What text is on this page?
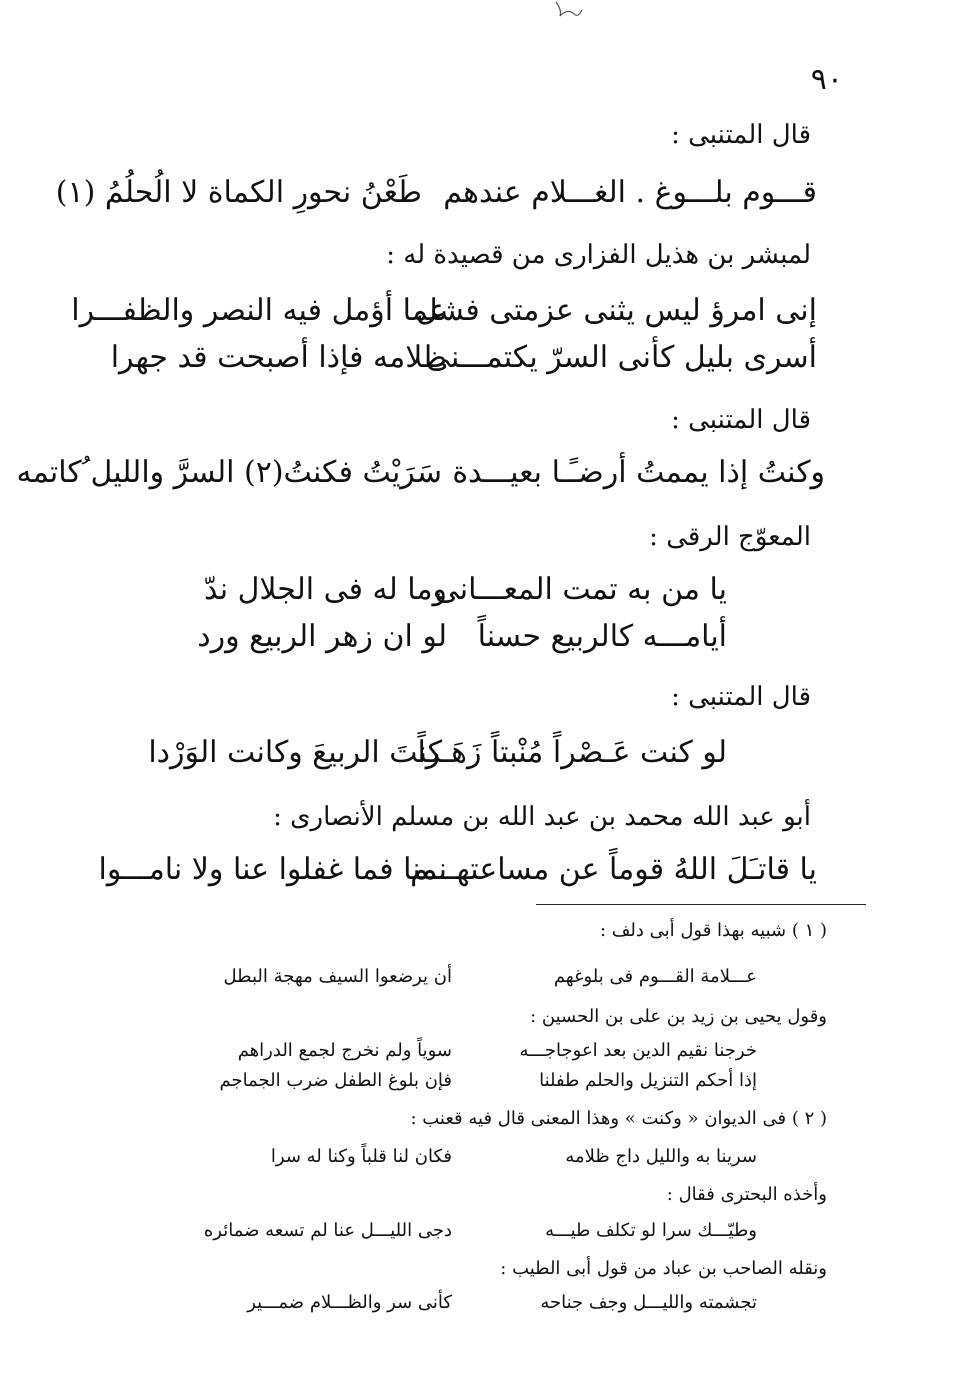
٩٠
قال المتنبى :
قـــوم بلـــوغ . الغـــلام عندهم
طَعْنُ نحورِ الكماة لا الُحلُمُ (١)
لمبشر بن هذيل الفزارى من قصيدة له :
إنى امرؤ ليس يثنى عزمتى فشل
عما أؤمل فيه النصر والظفـــرا
أسرى بليل كأنى السرّ يكتمـــنى
ظلامه فإذا أصبحت قد جهرا
قال المتنبى :
وكنتُ إذا يممتُ أرضـًـا بعيـــدة
سَرَيْتُ فكنتُ(٢) السرَّ والليل ُكاتمه
المعوّج الرقى :
يا من به تمت المعـــانى
وما له فى الجلال ندّ
أيامـــه كالربيع حسناً
لو ان زهر الربيع ورد
قال المتنبى :
لو كنت عَـصْراً مُنْبتاً زَهَـراً
كنتَ الربيعَ وكانت الوَرْدا
أبو عبد الله محمد بن عبد الله بن مسلم الأنصارى :
يا قاتـَلَ اللهُ قوماً عن مساعتهـــم
نمنا فما غفلوا عنا ولا نامـــوا
( ١ ) شبيه بهذا قول أبى دلف :
عـــلامة القـــوم فى بلوغهم
أن يرضعوا السيف مهجة البطل
وقول يحيى بن زيد بن على بن الحسين :
خرجنا نقيم الدين بعد اعوجاجـــه
سوياً ولم نخرج لجمع الدراهم
إذا أحكم التنزيل والحلم طفلنا
فإن بلوغ الطفل ضرب الجماجم
( ٢ ) فى الديوان « وكنت » وهذا المعنى قال فيه قعنب :
سرينا به والليل داج ظلامه
فكان لنا قلباً وكنا له سرا
وأخذه البحترى فقال :
وطيّـــك سرا لو تكلف طيـــه
دجى الليـــل عنا لم تسعه ضمائره
ونقله الصاحب بن عباد من قول أبى الطيب :
تجشمته والليـــل وجف جناحه
كأنى سر والظـــلام ضمـــير
